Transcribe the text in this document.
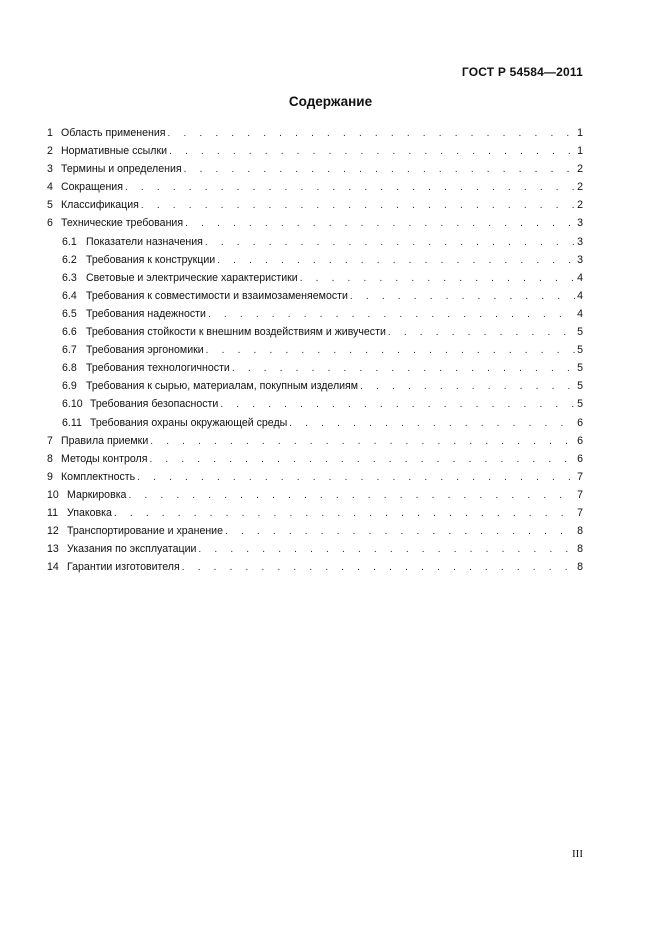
ГОСТ Р 54584—2011
Содержание
1 Область применения . . .	1
2 Нормативные ссылки . . .	1
3 Термины и определения . . .	2
4 Сокращения . . .	2
5 Классификация . . .	2
6 Технические требования . . .	3
6.1 Показатели назначения . . .	3
6.2 Требования к конструкции . . .	3
6.3 Световые и электрические характеристики . . .	4
6.4 Требования к совместимости и взаимозаменяемости . . .	4
6.5 Требования надежности . . .	4
6.6 Требования стойкости к внешним воздействиям и живучести . . .	5
6.7 Требования эргономики . . .	5
6.8 Требования технологичности . . .	5
6.9 Требования к сырью, материалам, покупным изделиям . . .	5
6.10 Требования безопасности . . .	5
6.11 Требования охраны окружающей среды . . .	6
7 Правила приемки . . .	6
8 Методы контроля . . .	6
9 Комплектность . . .	7
10 Маркировка . . .	7
11 Упаковка . . .	7
12 Транспортирование и хранение . . .	8
13 Указания по эксплуатации . . .	8
14 Гарантии изготовителя . . .	8
III
